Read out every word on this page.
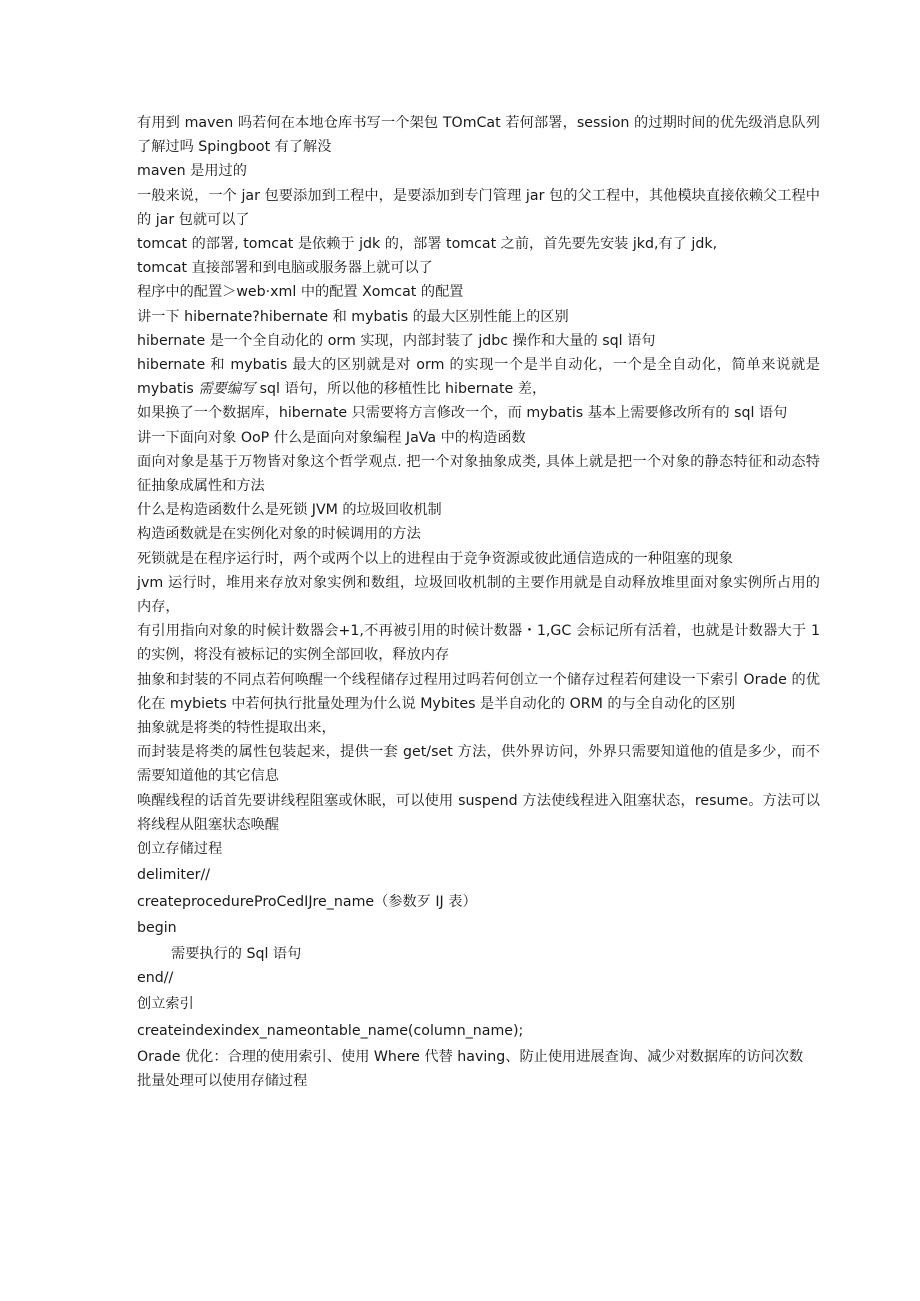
有用到 maven 吗若何在本地仓库书写一个架包 TOmCat 若何部署，session 的过期时间的优先级消息队列了解过吗 Spingboot 有了解没

maven 是用过的

一般来说，一个 jar 包要添加到工程中，是要添加到专门管理 jar 包的父工程中，其他模块直接依赖父工程中的 jar 包就可以了

tomcat 的部署, tomcat 是依赖于 jdk 的，部署 tomcat 之前，首先要先安装 jkd,有了 jdk,

tomcat 直接部署和到电脑或服务器上就可以了

程序中的配置＞web·xml 中的配置 Xomcat 的配置

讲一下 hibernate?hibernate 和 mybatis 的最大区别性能上的区别

hibernate 是一个全自动化的 orm 实现，内部封装了 jdbc 操作和大量的 sql 语句

hibernate 和 mybatis 最大的区别就是对 orm 的实现一个是半自动化，一个是全自动化，简单来说就是 mybatis 需要编写 sql 语句，所以他的移植性比 hibernate 差，

如果换了一个数据库，hibernate 只需要将方言修改一个，而 mybatis 基本上需要修改所有的 sql 语句

讲一下面向对象 OoP 什么是面向对象编程 JaVa 中的构造函数

面向对象是基于万物皆对象这个哲学观点. 把一个对象抽象成类, 具体上就是把一个对象的静态特征和动态特征抽象成属性和方法

什么是构造函数什么是死锁 JVM 的垃圾回收机制

构造函数就是在实例化对象的时候调用的方法

死锁就是在程序运行时，两个或两个以上的进程由于竞争资源或彼此通信造成的一种阻塞的现象

jvm 运行时，堆用来存放对象实例和数组，垃圾回收机制的主要作用就是自动释放堆里面对象实例所占用的内存，

有引用指向对象的时候计数器会+1,不再被引用的时候计数器・1,GC 会标记所有活着，也就是计数器大于 1 的实例，将没有被标记的实例全部回收，释放内存

抽象和封装的不同点若何唤醒一个线程储存过程用过吗若何创立一个储存过程若何建设一下索引 Orade 的优化在 mybiets 中若何执行批量处理为什么说 Mybites 是半自动化的 ORM 的与全自动化的区别

抽象就是将类的特性提取出来，

而封装是将类的属性包装起来，提供一套 get/set 方法，供外界访问，外界只需要知道他的值是多少，而不需要知道他的其它信息

唤醒线程的话首先要讲线程阻塞或休眠，可以使用 suspend 方法使线程进入阻塞状态，resume。方法可以将线程从阻塞状态唤醒

创立存储过程

delimiter//

createprocedureProCedIJre_name（参数歹 IJ 表）

begin

需要执行的 Sql 语句

end//

创立索引

createindexindex_nameontable_name(column_name);

Orade 优化：合理的使用索引、使用 Where 代替 having、防止使用进展查询、减少对数据库的访问次数

批量处理可以使用存储过程
